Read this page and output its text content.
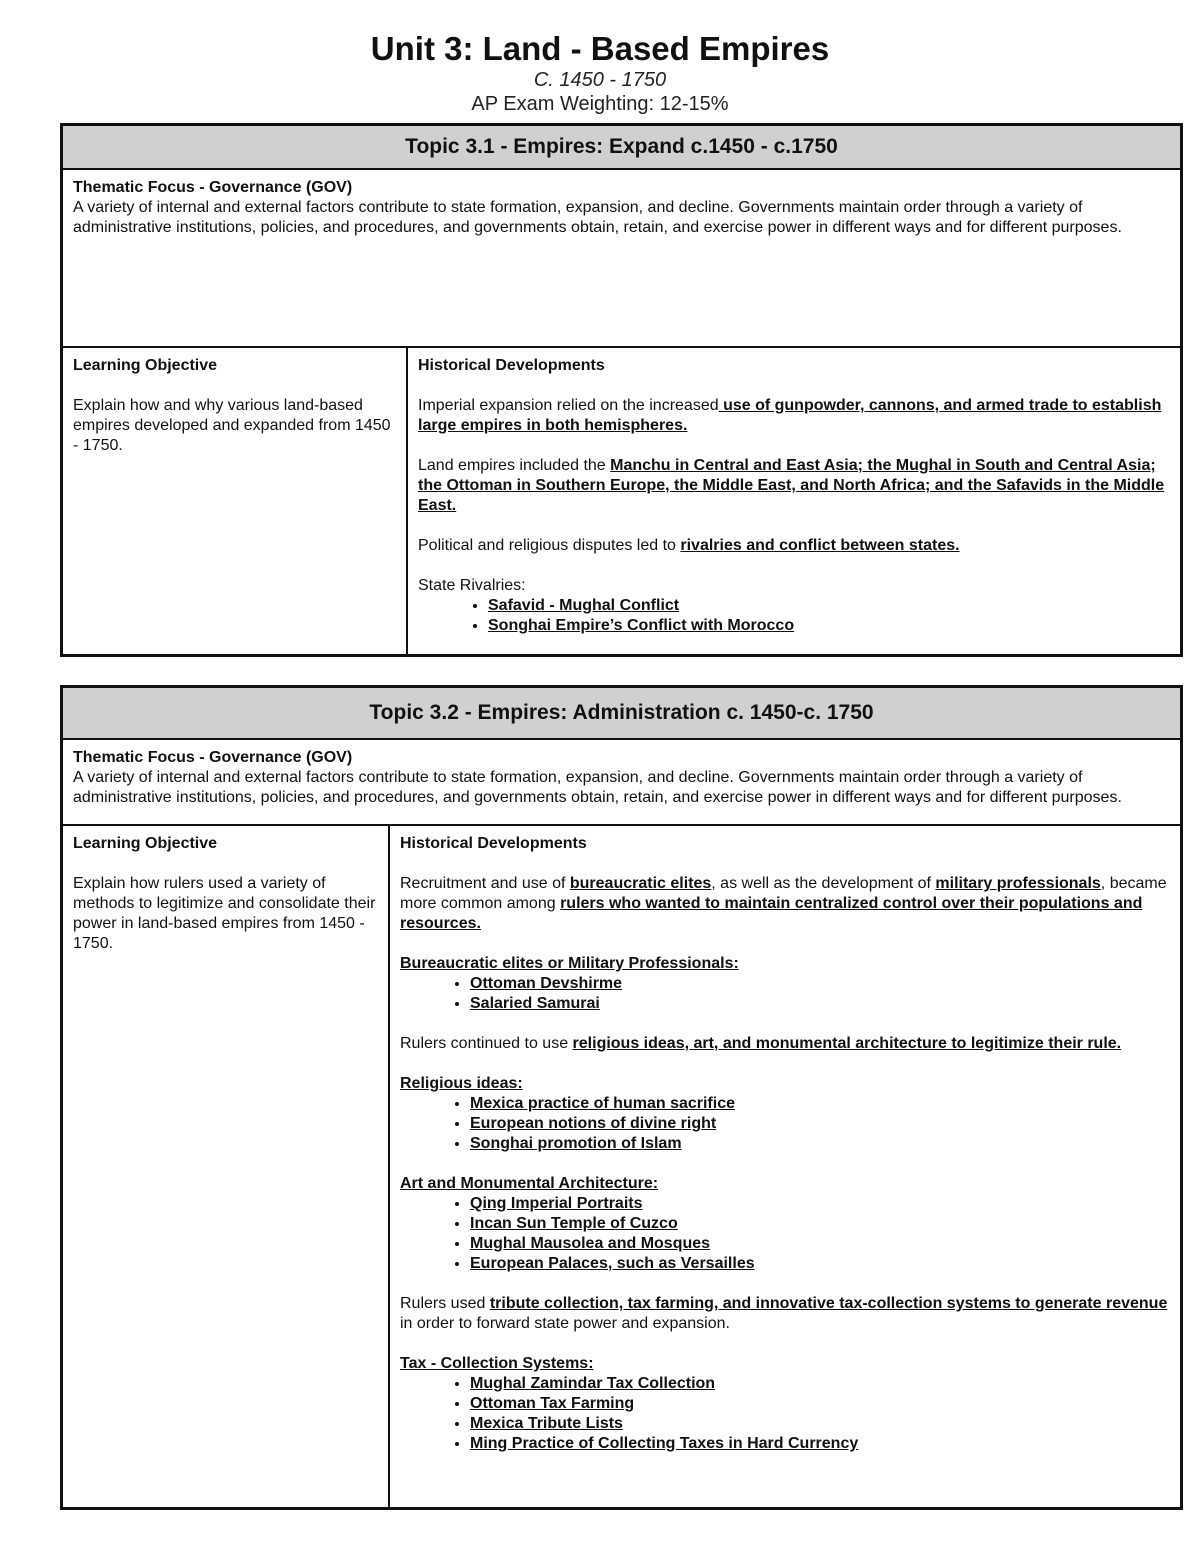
Unit 3: Land - Based Empires
C. 1450 - 1750
AP Exam Weighting: 12-15%
Topic 3.1 - Empires: Expand c.1450 - c.1750

Thematic Focus - Governance (GOV)
A variety of internal and external factors contribute to state formation, expansion, and decline. Governments maintain order through a variety of administrative institutions, policies, and procedures, and governments obtain, retain, and exercise power in different ways and for different purposes.

Learning Objective
Explain how and why various land-based empires developed and expanded from 1450 - 1750.

Historical Developments

Imperial expansion relied on the increased use of gunpowder, cannons, and armed trade to establish large empires in both hemispheres.

Land empires included the Manchu in Central and East Asia; the Mughal in South and Central Asia; the Ottoman in Southern Europe, the Middle East, and North Africa; and the Safavids in the Middle East.

Political and religious disputes led to rivalries and conflict between states.

State Rivalries:
• Safavid - Mughal Conflict
• Songhai Empire’s Conflict with Morocco
Topic 3.2 - Empires: Administration c. 1450-c. 1750

Thematic Focus - Governance (GOV)
A variety of internal and external factors contribute to state formation, expansion, and decline. Governments maintain order through a variety of administrative institutions, policies, and procedures, and governments obtain, retain, and exercise power in different ways and for different purposes.

Learning Objective
Explain how rulers used a variety of methods to legitimize and consolidate their power in land-based empires from 1450 - 1750.

Historical Developments

Recruitment and use of bureaucratic elites, as well as the development of military professionals, became more common among rulers who wanted to maintain centralized control over their populations and resources.

Bureaucratic elites or Military Professionals:
• Ottoman Devshirme
• Salaried Samurai

Rulers continued to use religious ideas, art, and monumental architecture to legitimize their rule.

Religious ideas:
• Mexica practice of human sacrifice
• European notions of divine right
• Songhai promotion of Islam
Art and Monumental Architecture:
• Qing Imperial Portraits
• Incan Sun Temple of Cuzco
• Mughal Mausolea and Mosques
• European Palaces, such as Versailles

Rulers used tribute collection, tax farming, and innovative tax-collection systems to generate revenue in order to forward state power and expansion.

Tax - Collection Systems:
• Mughal Zamindar Tax Collection
• Ottoman Tax Farming
• Mexica Tribute Lists
• Ming Practice of Collecting Taxes in Hard Currency
